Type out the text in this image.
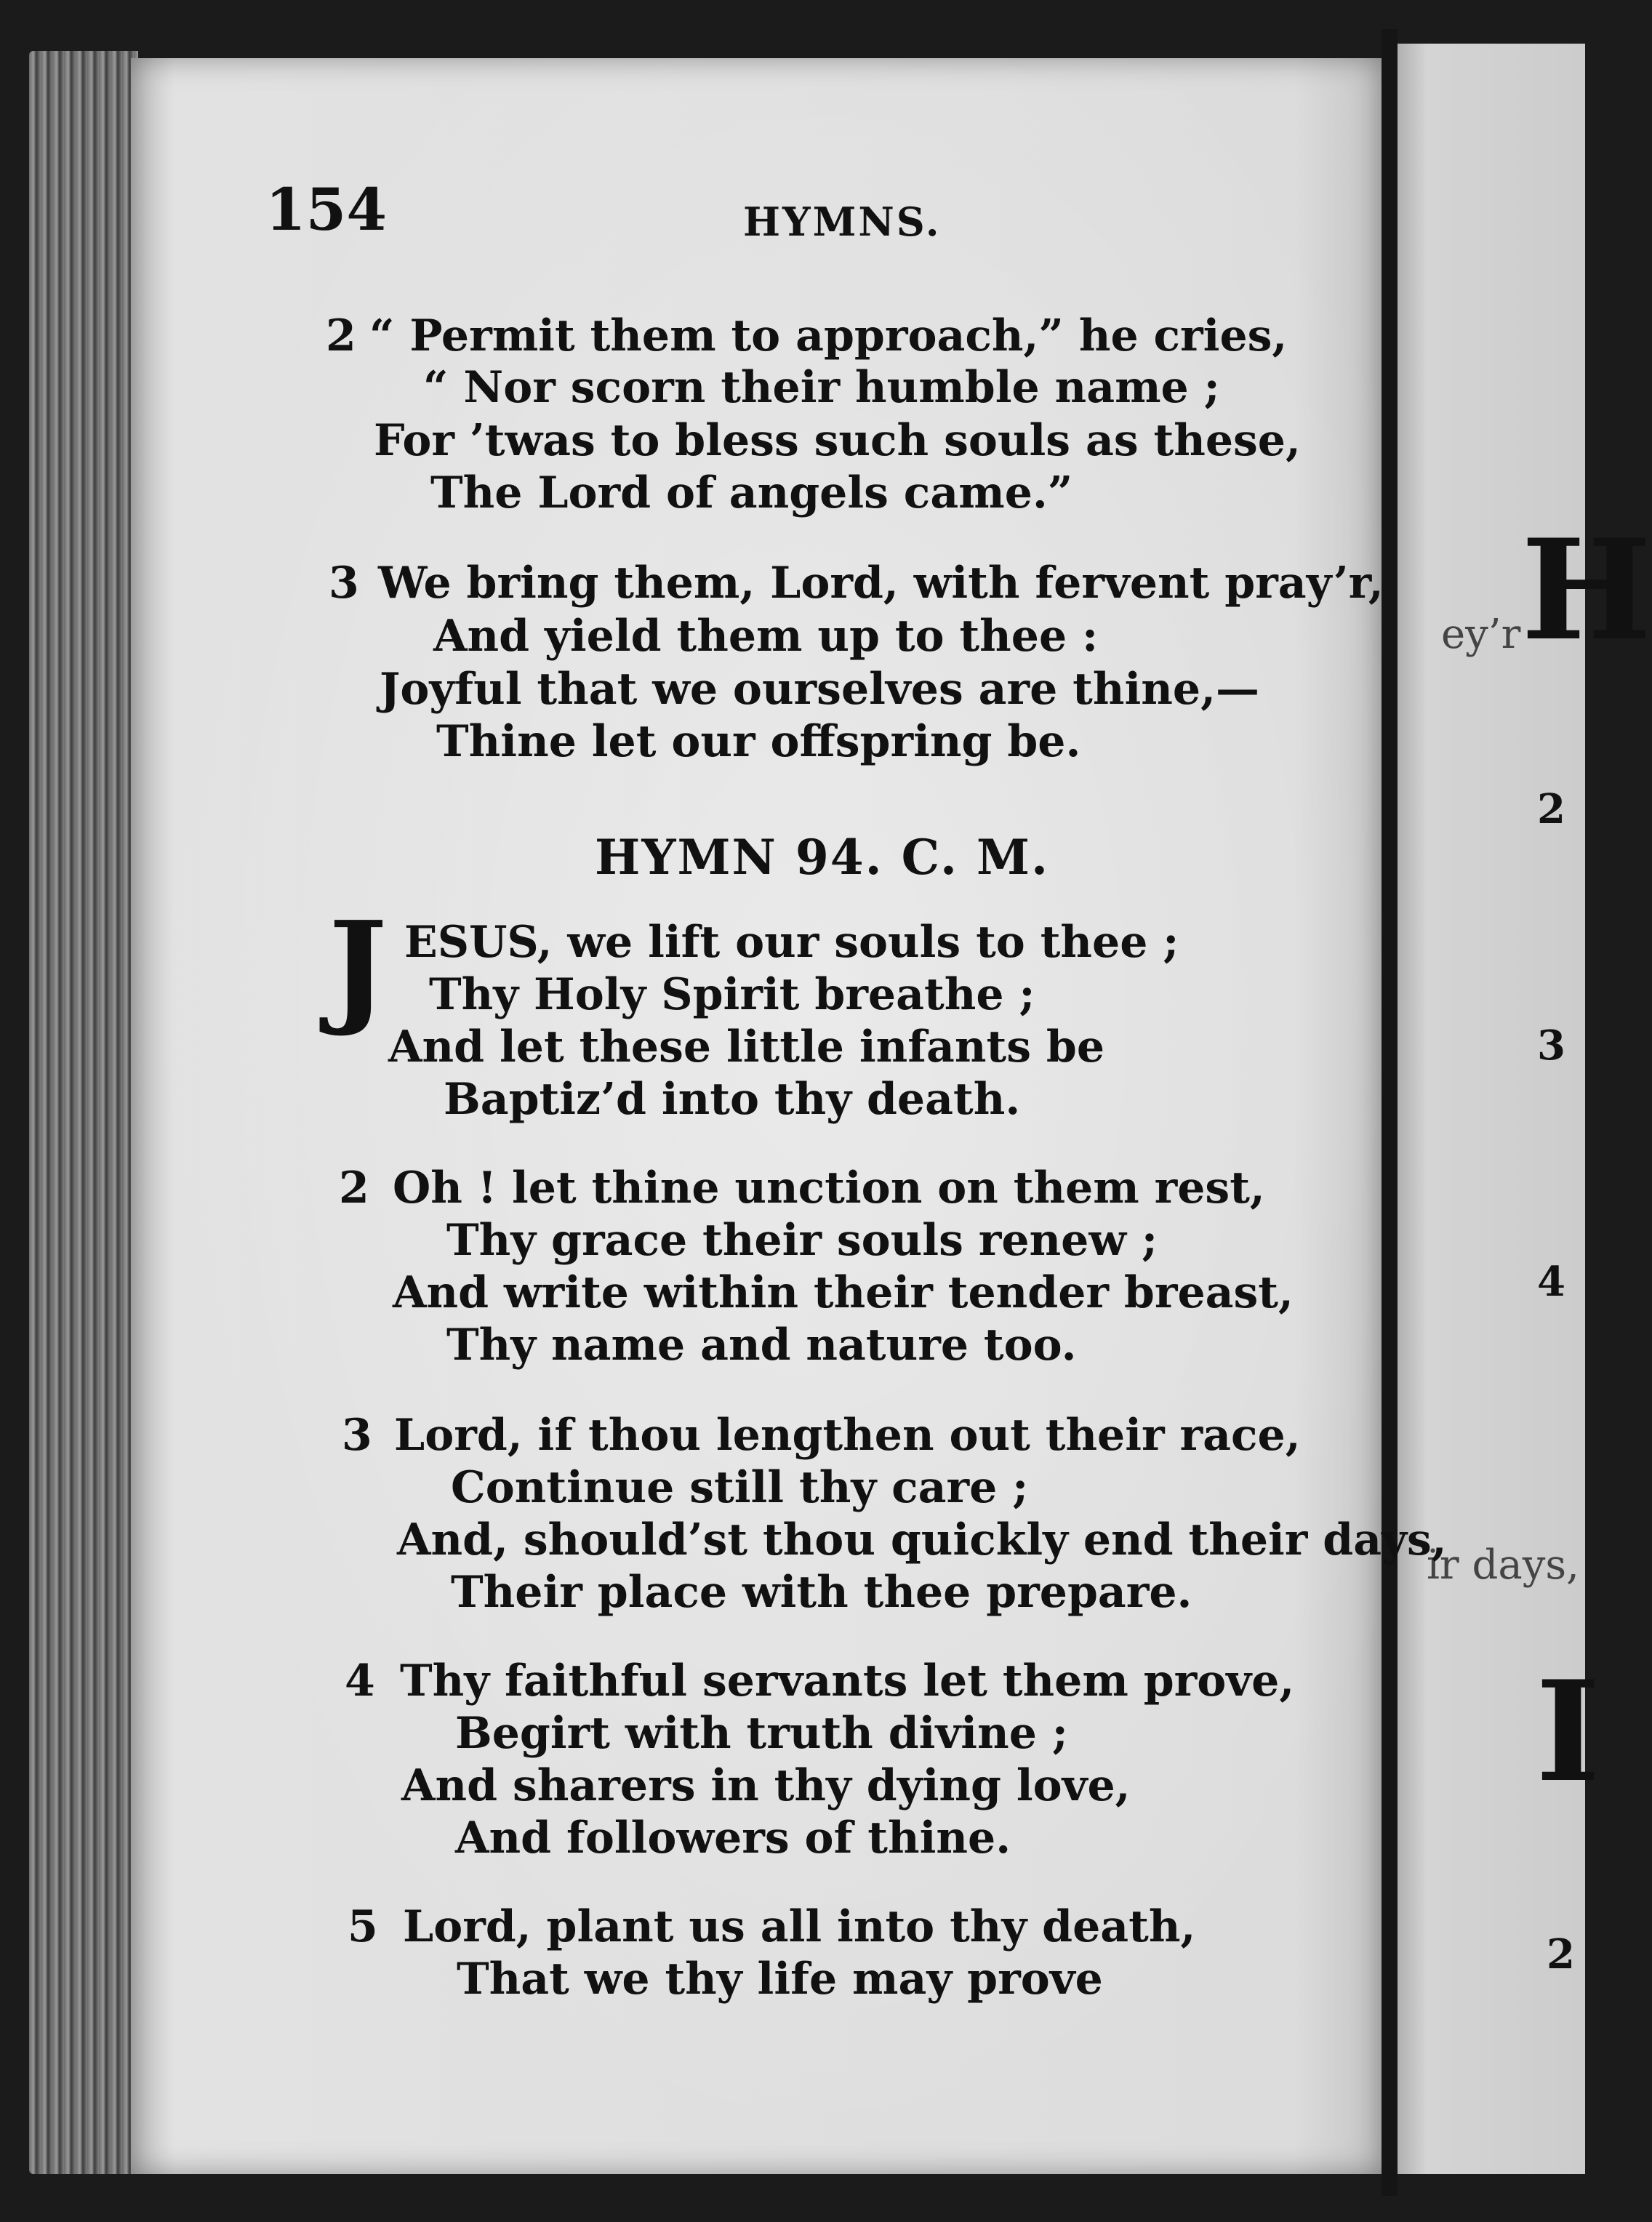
H
ey’r
2
3
4
ir days,
I
2
154	HYMNS.
2 “ Permit them to approach,” he cries,
“ Nor scorn their humble name ;
For ’twas to bless such souls as these,
The Lord of angels came.”
3 We bring them, Lord, with fervent pray’r,
And yield them up to thee :
Joyful that we ourselves are thine,—
Thine let our offspring be.
HYMN 94. C. M.
J ESUS, we lift our souls to thee ;
Thy Holy Spirit breathe ;
And let these little infants be
Baptiz’d into thy death.
2 Oh ! let thine unction on them rest,
Thy grace their souls renew ;
And write within their tender breast,
Thy name and nature too.
3 Lord, if thou lengthen out their race,
Continue still thy care ;
And, should’st thou quickly end their days,
Their place with thee prepare.
4 Thy faithful servants let them prove,
Begirt with truth divine ;
And sharers in thy dying love,
And followers of thine.
5 Lord, plant us all into thy death,
That we thy life may prove
